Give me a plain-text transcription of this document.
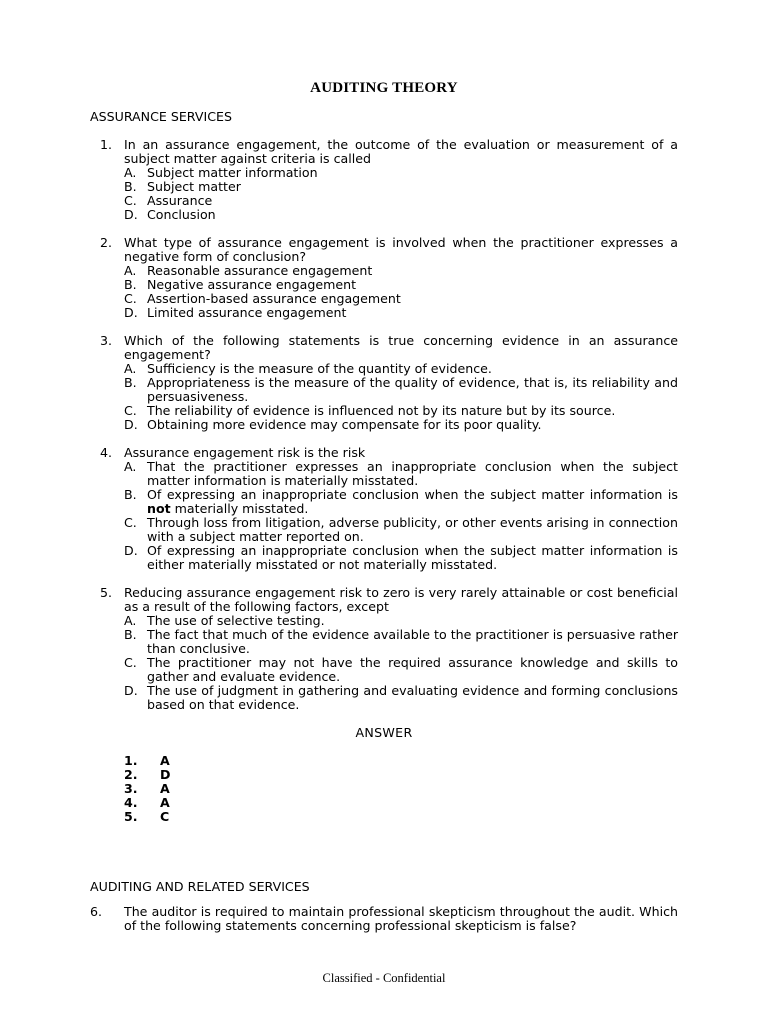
AUDITING THEORY
ASSURANCE SERVICES
1. In an assurance engagement, the outcome of the evaluation or measurement of a subject matter against criteria is called
A. Subject matter information
B. Subject matter
C. Assurance
D. Conclusion
2. What type of assurance engagement is involved when the practitioner expresses a negative form of conclusion?
A. Reasonable assurance engagement
B. Negative assurance engagement
C. Assertion-based assurance engagement
D. Limited assurance engagement
3. Which of the following statements is true concerning evidence in an assurance engagement?
A. Sufficiency is the measure of the quantity of evidence.
B. Appropriateness is the measure of the quality of evidence, that is, its reliability and persuasiveness.
C. The reliability of evidence is influenced not by its nature but by its source.
D. Obtaining more evidence may compensate for its poor quality.
4. Assurance engagement risk is the risk
A. That the practitioner expresses an inappropriate conclusion when the subject matter information is materially misstated.
B. Of expressing an inappropriate conclusion when the subject matter information is not materially misstated.
C. Through loss from litigation, adverse publicity, or other events arising in connection with a subject matter reported on.
D. Of expressing an inappropriate conclusion when the subject matter information is either materially misstated or not materially misstated.
5. Reducing assurance engagement risk to zero is very rarely attainable or cost beneficial as a result of the following factors, except
A. The use of selective testing.
B. The fact that much of the evidence available to the practitioner is persuasive rather than conclusive.
C. The practitioner may not have the required assurance knowledge and skills to gather and evaluate evidence.
D. The use of judgment in gathering and evaluating evidence and forming conclusions based on that evidence.
ANSWER
1. A
2. D
3. A
4. A
5. C
AUDITING AND RELATED SERVICES
6. The auditor is required to maintain professional skepticism throughout the audit. Which of the following statements concerning professional skepticism is false?
Classified - Confidential
